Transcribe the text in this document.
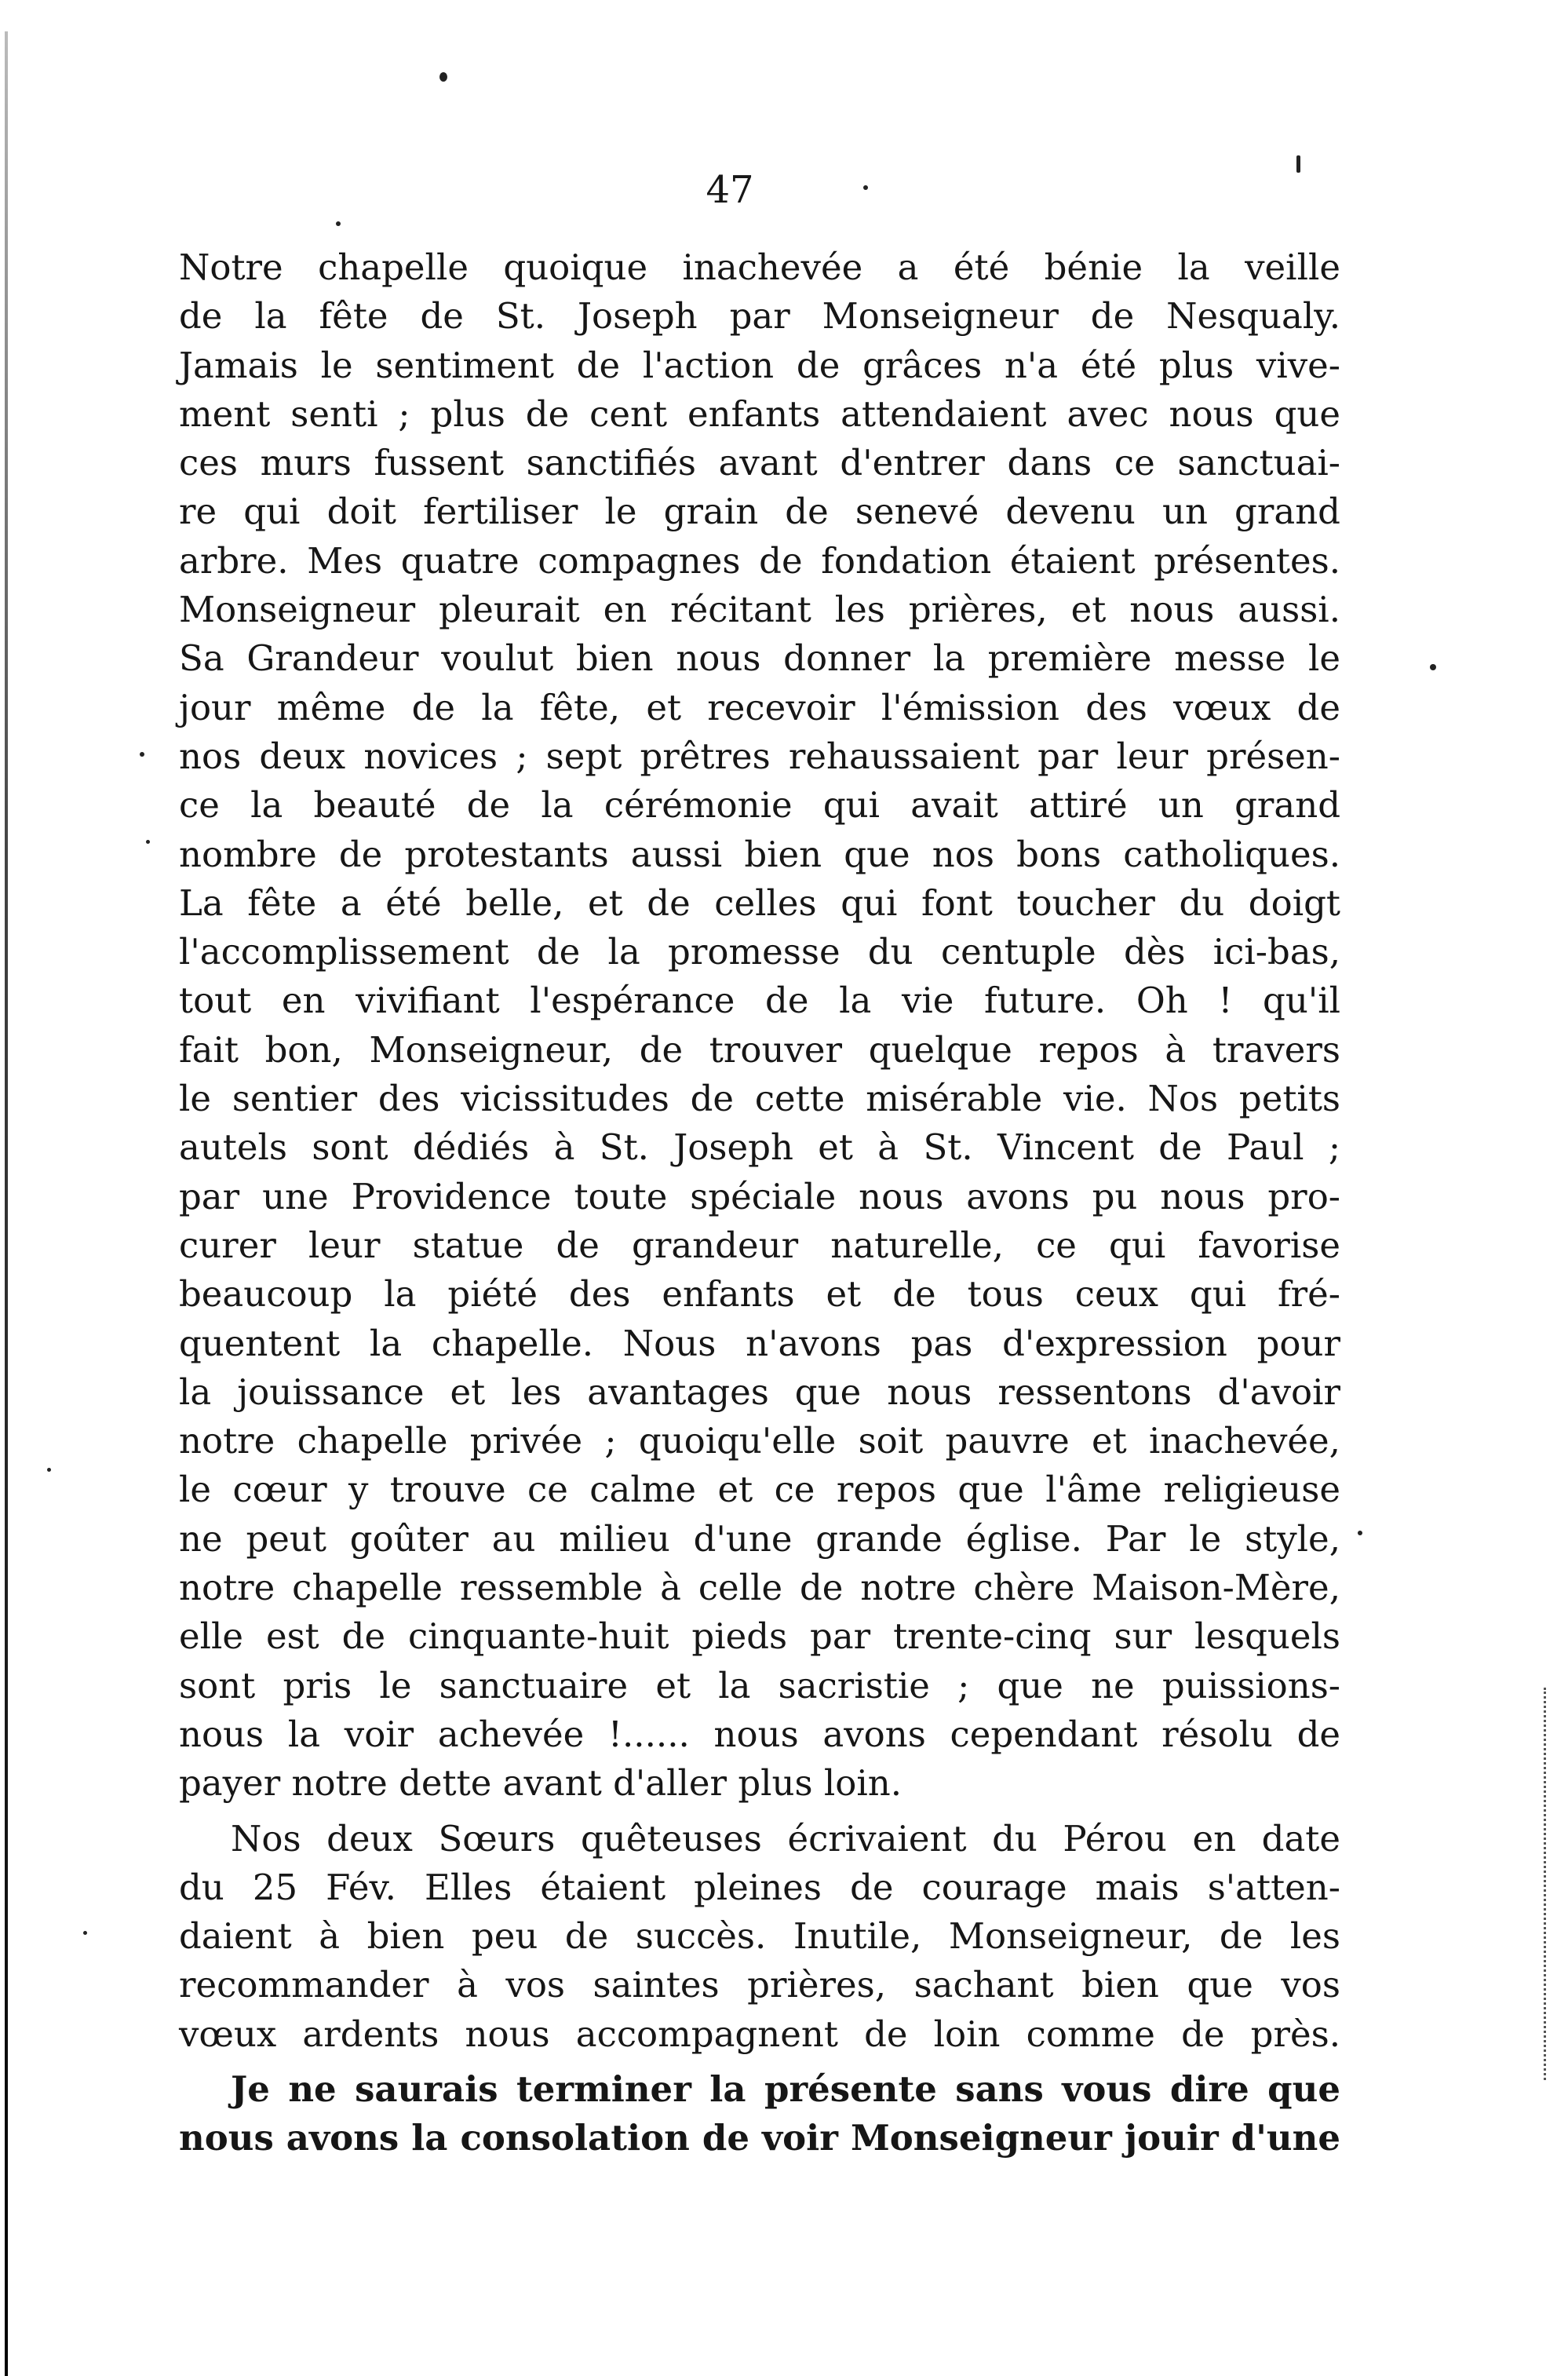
47
Notre chapelle quoique inachevée a été bénie la veille
de la fête de St. Joseph par Monseigneur de Nesqualy.
Jamais le sentiment de l'action de grâces n'a été plus vive-
ment senti ; plus de cent enfants attendaient avec nous que
ces murs fussent sanctifiés avant d'entrer dans ce sanctuai-
re qui doit fertiliser le grain de senevé devenu un grand
arbre. Mes quatre compagnes de fondation étaient présentes.
Monseigneur pleurait en récitant les prières, et nous aussi.
Sa Grandeur voulut bien nous donner la première messe le
jour même de la fête, et recevoir l'émission des vœux de
nos deux novices ; sept prêtres rehaussaient par leur présen-
ce la beauté de la cérémonie qui avait attiré un grand
nombre de protestants aussi bien que nos bons catholiques.
La fête a été belle, et de celles qui font toucher du doigt
l'accomplissement de la promesse du centuple dès ici-bas,
tout en vivifiant l'espérance de la vie future. Oh ! qu'il
fait bon, Monseigneur, de trouver quelque repos à travers
le sentier des vicissitudes de cette misérable vie. Nos petits
autels sont dédiés à St. Joseph et à St. Vincent de Paul ;
par une Providence toute spéciale nous avons pu nous pro-
curer leur statue de grandeur naturelle, ce qui favorise
beaucoup la piété des enfants et de tous ceux qui fré-
quentent la chapelle. Nous n'avons pas d'expression pour
la jouissance et les avantages que nous ressentons d'avoir
notre chapelle privée ; quoiqu'elle soit pauvre et inachevée,
le cœur y trouve ce calme et ce repos que l'âme religieuse
ne peut goûter au milieu d'une grande église. Par le style,
notre chapelle ressemble à celle de notre chère Maison-Mère,
elle est de cinquante-huit pieds par trente-cinq sur lesquels
sont pris le sanctuaire et la sacristie ; que ne puissions-
nous la voir achevée !...... nous avons cependant résolu de
payer notre dette avant d'aller plus loin.
Nos deux Sœurs quêteuses écrivaient du Pérou en date
du 25 Fév. Elles étaient pleines de courage mais s'atten-
daient à bien peu de succès. Inutile, Monseigneur, de les
recommander à vos saintes prières, sachant bien que vos
vœux ardents nous accompagnent de loin comme de près.
Je ne saurais terminer la présente sans vous dire que
nous avons la consolation de voir Monseigneur jouir d'une
